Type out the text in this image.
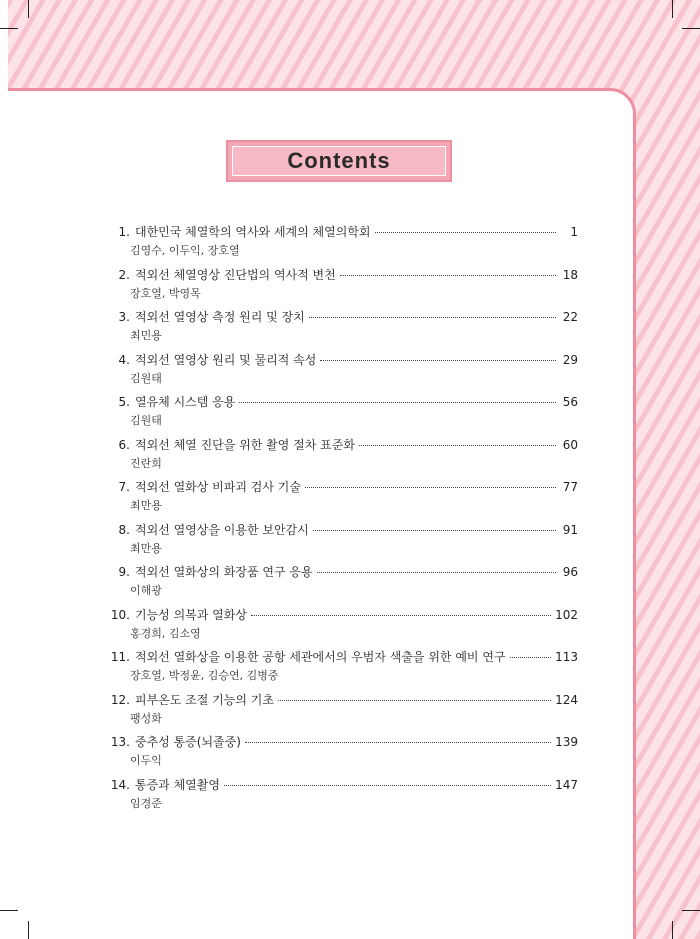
Contents
1. 대한민국 체열학의 역사와 세계의 체열의학회	1
김영수, 이두익, 장호열
2. 적외선 체열영상 진단법의 역사적 변천	18
장호열, 박영목
3. 적외선 열영상 측정 원리 및 장치	22
최민용
4. 적외선 열영상 원리 및 물리적 속성	29
김원태
5. 열유체 시스템 응용	56
김원태
6. 적외선 체열 진단을 위한 촬영 절차 표준화	60
진란희
7. 적외선 열화상 비파괴 검사 기술	77
최만용
8. 적외선 열영상을 이용한 보안감시	91
최만용
9. 적외선 열화상의 화장품 연구 응용	96
이해광
10. 기능성 의복과 열화상	102
홍경희, 김소영
11. 적외선 열화상을 이용한 공항 세관에서의 우범자 색출을 위한 예비 연구	113
장호열, 박정윤, 김승연, 김병중
12. 피부온도 조절 기능의 기초	124
팽성화
13. 중추성 통증(뇌졸중)	139
이두익
14. 통증과 체열촬영	147
임경준
